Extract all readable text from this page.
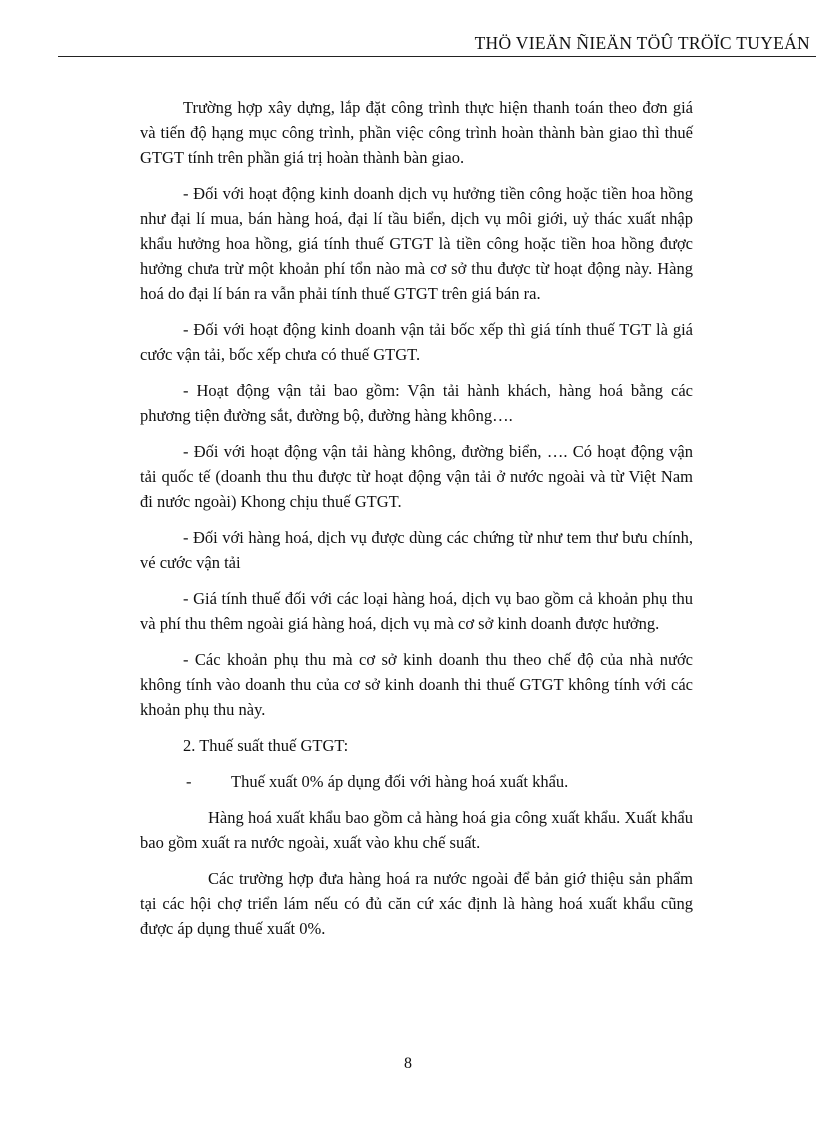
THÖ VIEÄN ÑIEÄN TÖÛ TRÖÏC TUYEÁN

Trường hợp xây dựng, lắp đặt công trình thực hiện thanh toán theo đơn giá và tiến độ hạng mục công trình, phần việc công trình hoàn thành bàn giao thì thuế GTGT tính trên phần giá trị hoàn thành bàn giao.

- Đối với hoạt động kinh doanh dịch vụ hưởng tiền công hoặc tiền hoa hồng như đại lí mua, bán hàng hoá, đại lí tầu biển, dịch vụ môi giới, uỷ thác xuất nhập khẩu hưởng hoa hồng, giá tính thuế GTGT là tiền công hoặc tiền hoa hồng được hưởng chưa trừ một khoản phí tổn nào mà cơ sở thu được từ hoạt động này. Hàng hoá do đại lí bán ra vẫn phải tính thuế GTGT trên giá bán ra.

- Đối với hoạt động kinh doanh vận tải bốc xếp thì giá tính thuế TGT là giá cước vận tải, bốc xếp chưa có thuế GTGT.

- Hoạt động vận tải bao gồm: Vận tải hành khách, hàng hoá bằng các phương tiện đường sắt, đường bộ, đường hàng không….

- Đối với hoạt động vận tải hàng không, đường biển, …. Có hoạt động vận tải quốc tế (doanh thu thu được từ hoạt động vận tải ở nước ngoài và từ Việt Nam đi nước ngoài) Khong chịu thuế GTGT.

- Đối với hàng hoá, dịch vụ được dùng các chứng từ như tem thư bưu chính, vé cước vận tải

- Giá tính thuế đối với các loại hàng hoá, dịch vụ bao gồm cả khoản phụ thu và phí thu thêm ngoài giá hàng hoá, dịch vụ mà cơ sở kinh doanh được hưởng.

- Các khoản phụ thu mà cơ sở kinh doanh thu theo chế độ của nhà nước không tính vào doanh thu của cơ sở kinh doanh thi thuế GTGT không tính với các khoản phụ thu này.

2. Thuế suất thuế GTGT:

-	Thuế xuất 0% áp dụng đối với hàng hoá xuất khẩu.

Hàng hoá xuất khẩu bao gồm cả hàng hoá gia công xuất khẩu. Xuất khẩu bao gồm xuất ra nước ngoài, xuất vào khu chế suất.

Các trường hợp đưa hàng hoá ra nước ngoài để bản giớ thiệu sản phẩm tại các hội chợ triển lám nếu có đủ căn cứ xác định là hàng hoá xuất khẩu cũng được áp dụng thuế xuất 0%.

8
